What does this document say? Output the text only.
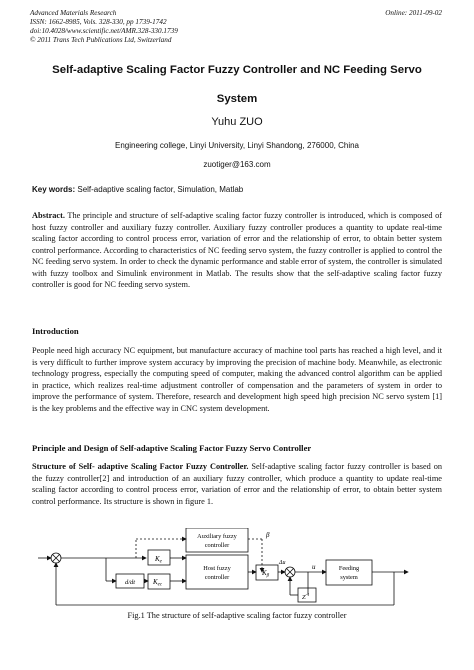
Advanced Materials Research
ISSN: 1662-8985, Vols. 328-330, pp 1739-1742
doi:10.4028/www.scientific.net/AMR.328-330.1739
© 2011 Trans Tech Publications Ltd, Switzerland
Online: 2011-09-02
Self-adaptive Scaling Factor Fuzzy Controller and NC Feeding Servo
System
Yuhu ZUO
Engineering college, Linyi University, Linyi Shandong, 276000, China
zuotiger@163.com
Key words: Self-adaptive scaling factor, Simulation, Matlab
Abstract. The principle and structure of self-adaptive scaling factor fuzzy controller is introduced, which is composed of host fuzzy controller and auxiliary fuzzy controller. Auxiliary fuzzy controller produces a quantity to update real-time scaling factor according to control process error, variation of error and the relationship of error, to obtain better system control performance. According to characteristics of NC feeding servo system, the fuzzy controller is applied to control the NC feeding servo system. In order to check the dynamic performance and stable error of system, the controller is simulated with fuzzy toolbox and Simulink environment in Matlab. The results show that the self-adaptive scaling factor fuzzy controller is good for NC feeding servo system.
Introduction
People need high accuracy NC equipment, but manufacture accuracy of machine tool parts has reached a high level, and it is very difficult to further improve system accuracy by improving the precision of machine body. Meanwhile, as electronic technology progress, especially the computing speed of computer, making the advanced control algorithm can be applied in practice, which realizes real-time adjustment controller of compensation and the parameters of system in order to improve the performance of system. Therefore, research and development high speed high precision NC servo system [1] is the key problems and the effective way in CNC system development.
Principle and Design of Self-adaptive Scaling Factor Fuzzy Servo Controller
Structure of Self- adaptive Scaling Factor Fuzzy Controller. Self-adaptive scaling factor fuzzy controller is based on the fuzzy controller[2] and introduction of an auxiliary fuzzy controller, which produce a quantity to update real-time scaling factor according to control process error, variation of error and the relationship of error, to obtain better system control performance. Its structure is shown in figure 1.
Auxiliary fuzzy
controller
Host fuzzy
controller
$K_e$
$K_{ec}$
d/dt
β
Δu
$K_\beta$
u	Feeding
system
$Z^{-1}$
Fig.1 The structure of self-adaptive scaling factor fuzzy controller
